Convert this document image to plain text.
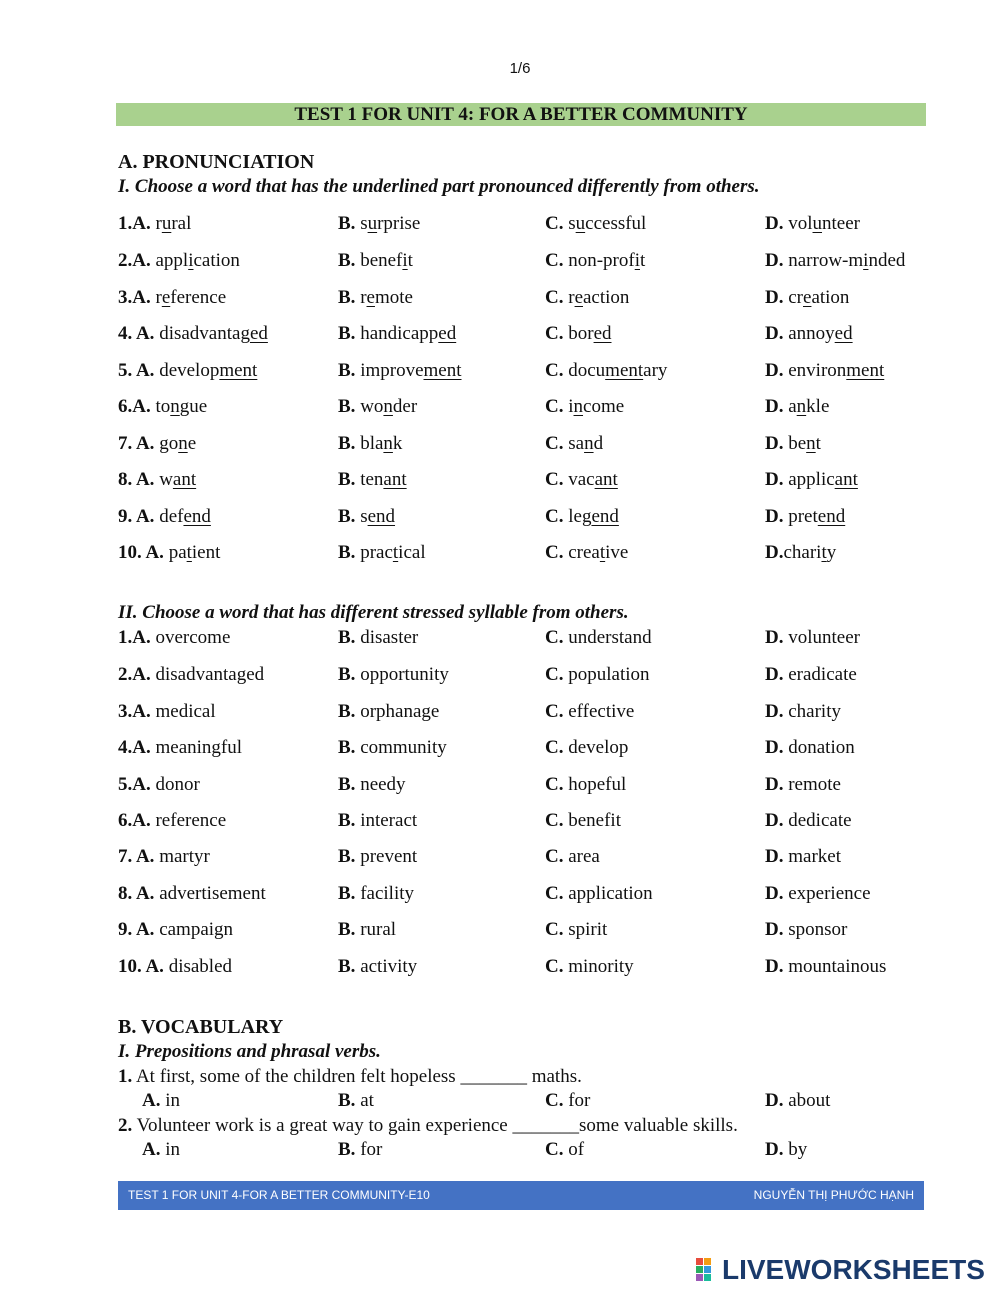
1/6
TEST 1 FOR UNIT 4: FOR A BETTER COMMUNITY
A. PRONUNCIATION
I. Choose a word that has the underlined part pronounced differently from others.
1.A. rural	B. surprise	C. successful	D. volunteer
2.A. application	B. benefit	C. non-profit	D. narrow-minded
3.A. reference	B. remote	C. reaction	D. creation
4. A. disadvantaged	B. handicapped	C. bored	D. annoyed
5. A. development	B. improvement	C. documentary	D. environment
6.A. tongue	B. wonder	C. income	D. ankle
7. A. gone	B. blank	C. sand	D. bent
8. A. want	B. tenant	C. vacant	D. applicant
9. A. defend	B. send	C. legend	D. pretend
10. A. patient	B. practical	C. creative	D.charity
II. Choose a word that has different stressed syllable from others.
1.A. overcome	B. disaster	C. understand	D. volunteer
2.A. disadvantaged	B. opportunity	C. population	D. eradicate
3.A. medical	B. orphanage	C. effective	D. charity
4.A. meaningful	B. community	C. develop	D. donation
5.A. donor	B. needy	C. hopeful	D. remote
6.A. reference	B. interact	C. benefit	D. dedicate
7. A. martyr	B. prevent	C. area	D. market
8. A. advertisement	B. facility	C. application	D. experience
9. A. campaign	B. rural	C. spirit	D. sponsor
10. A. disabled	B. activity	C. minority	D. mountainous
B. VOCABULARY
I. Prepositions and phrasal verbs.
1. At first, some of the children felt hopeless _______ maths.
A. in	B. at	C. for	D. about
2. Volunteer work is a great way to gain experience _______some valuable skills.
A. in	B. for	C. of	D. by
TEST 1 FOR UNIT 4-FOR A BETTER COMMUNITY-E10	NGUYỄN THỊ PHƯỚC HẠNH
LIVEWORKSHEETS
